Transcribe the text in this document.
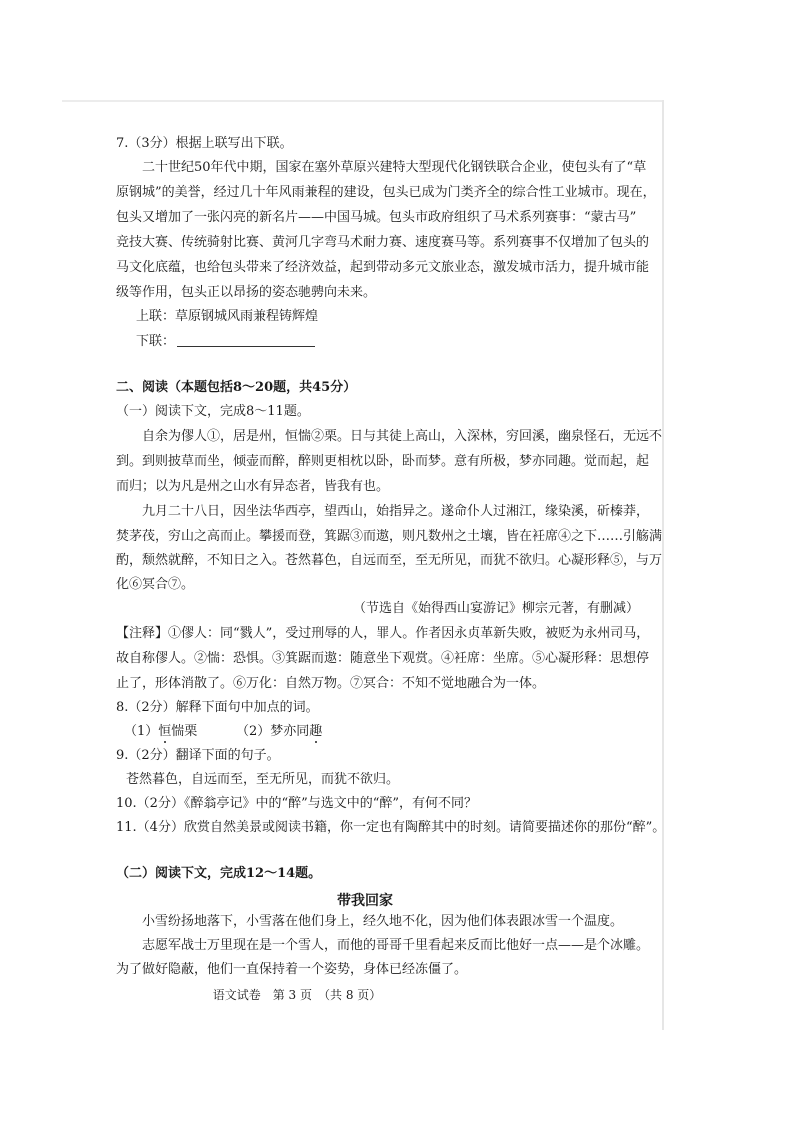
7.（3分）根据上联写出下联。
二十世纪50年代中期，国家在塞外草原兴建特大型现代化钢铁联合企业，使包头有了“草
原钢城”的美誉，经过几十年风雨兼程的建设，包头已成为门类齐全的综合性工业城市。现在，
包头又增加了一张闪亮的新名片——中国马城。包头市政府组织了马术系列赛事：“蒙古马”
竞技大赛、传统骑射比赛、黄河几字弯马术耐力赛、速度赛马等。系列赛事不仅增加了包头的
马文化底蕴，也给包头带来了经济效益，起到带动多元文旅业态，激发城市活力，提升城市能
级等作用，包头正以昂扬的姿态驰骋向未来。
上联：草原钢城风雨兼程铸辉煌
下联：
二、阅读（本题包括8～20题，共45分）
（一）阅读下文，完成8～11题。
自余为僇人①，居是州，恒惴②栗。日与其徒上高山，入深林，穷回溪，幽泉怪石，无远不
到。到则披草而坐，倾壶而醉，醉则更相枕以卧，卧而梦。意有所极，梦亦同趣。觉而起，起
而归；以为凡是州之山水有异态者，皆我有也。
九月二十八日，因坐法华西亭，望西山，始指异之。遂命仆人过湘江，缘染溪，斫榛莽，
焚茅茷，穷山之高而止。攀援而登，箕踞③而遨，则凡数州之土壤，皆在衽席④之下……引觞满
酌，颓然就醉，不知日之入。苍然暮色，自远而至，至无所见，而犹不欲归。心凝形释⑤，与万
化⑥冥合⑦。
（节选自《始得西山宴游记》柳宗元著，有删减）
【注释】①僇人：同“戮人”，受过刑辱的人，罪人。作者因永贞革新失败，被贬为永州司马，
故自称僇人。②惴：恐惧。③箕踞而遨：随意坐下观赏。④衽席：坐席。⑤心凝形释：思想停
止了，形体消散了。⑥万化：自然万物。⑦冥合：不知不觉地融合为一体。
8.（2分）解释下面句中加点的词。
（1）恒惴栗	（2）梦亦同趣
9.（2分）翻译下面的句子。
苍然暮色，自远而至，至无所见，而犹不欲归。
10.（2分）《醉翁亭记》中的“醉”与选文中的“醉”，有何不同？
11.（4分）欣赏自然美景或阅读书籍，你一定也有陶醉其中的时刻。请简要描述你的那份“醉”。
（二）阅读下文，完成12～14题。
带我回家
小雪纷扬地落下，小雪落在他们身上，经久地不化，因为他们体表跟冰雪一个温度。
志愿军战士万里现在是一个雪人，而他的哥哥千里看起来反而比他好一点——是个冰雕。
为了做好隐蔽，他们一直保持着一个姿势，身体已经冻僵了。
语文试卷　第 3 页　（共 8 页）
